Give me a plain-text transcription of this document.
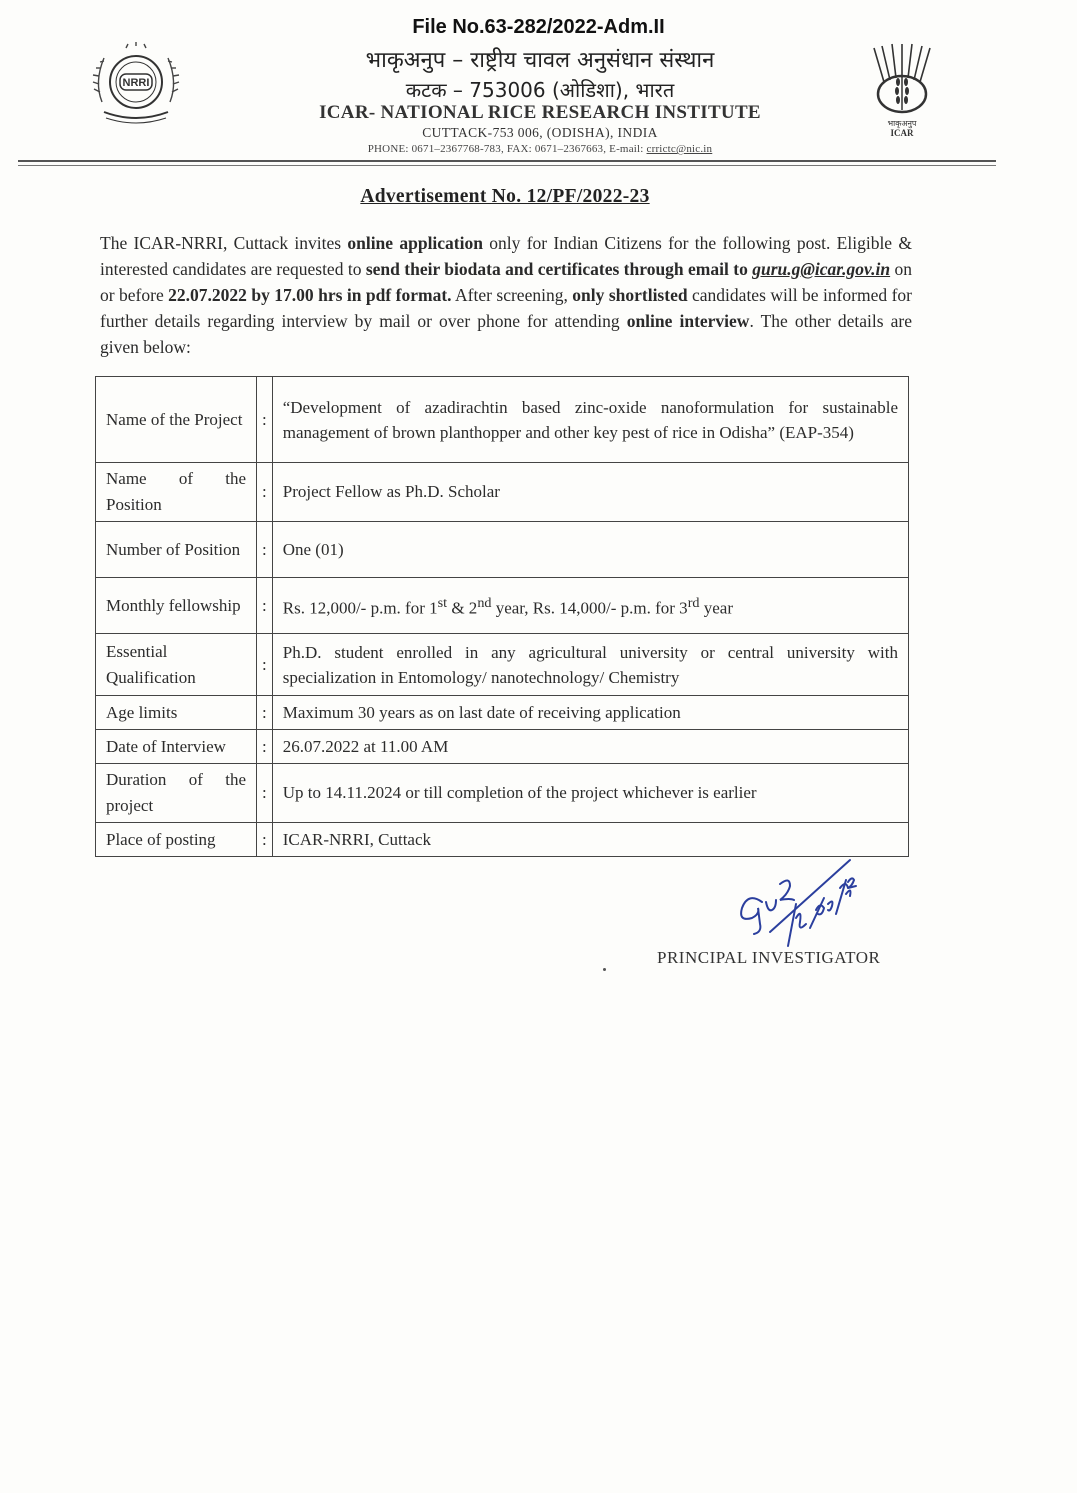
File No.63-282/2022-Adm.II
NRRI
भाकृअनुप – राष्ट्रीय चावल अनुसंधान संस्थान
कटक – 753006 (ओडिशा), भारत
ICAR- NATIONAL RICE RESEARCH INSTITUTE
CUTTACK-753 006, (ODISHA), INDIA
PHONE: 0671–2367768-783, FAX: 0671–2367663, E-mail: crrictc@nic.in
भाकृअनुप
ICAR
Advertisement No. 12/PF/2022-23
The ICAR-NRRI, Cuttack invites online application only for Indian Citizens for the following post. Eligible & interested candidates are requested to send their biodata and certificates through email to guru.g@icar.gov.in on or before 22.07.2022 by 17.00 hrs in pdf format. After screening, only shortlisted candidates will be informed for further details regarding interview by mail or over phone for attending online interview. The other details are given below:
Name of the Project	:	“Development of azadirachtin based zinc-oxide nanoformulation for sustainable management of brown planthopper and other key pest of rice in Odisha” (EAP-354)
Name of the Position	:	Project Fellow as Ph.D. Scholar
Number of Position	:	One (01)
Monthly fellowship	:	Rs. 12,000/- p.m. for 1st & 2nd year, Rs. 14,000/- p.m. for 3rd year
Essential Qualification	:	Ph.D. student enrolled in any agricultural university or central university with specialization in Entomology/ nanotechnology/ Chemistry
Age limits	:	Maximum 30 years as on last date of receiving application
Date of Interview	:	26.07.2022 at 11.00 AM
Duration of the project	:	Up to 14.11.2024 or till completion of the project whichever is earlier
Place of posting	:	ICAR-NRRI, Cuttack
PRINCIPAL INVESTIGATOR
